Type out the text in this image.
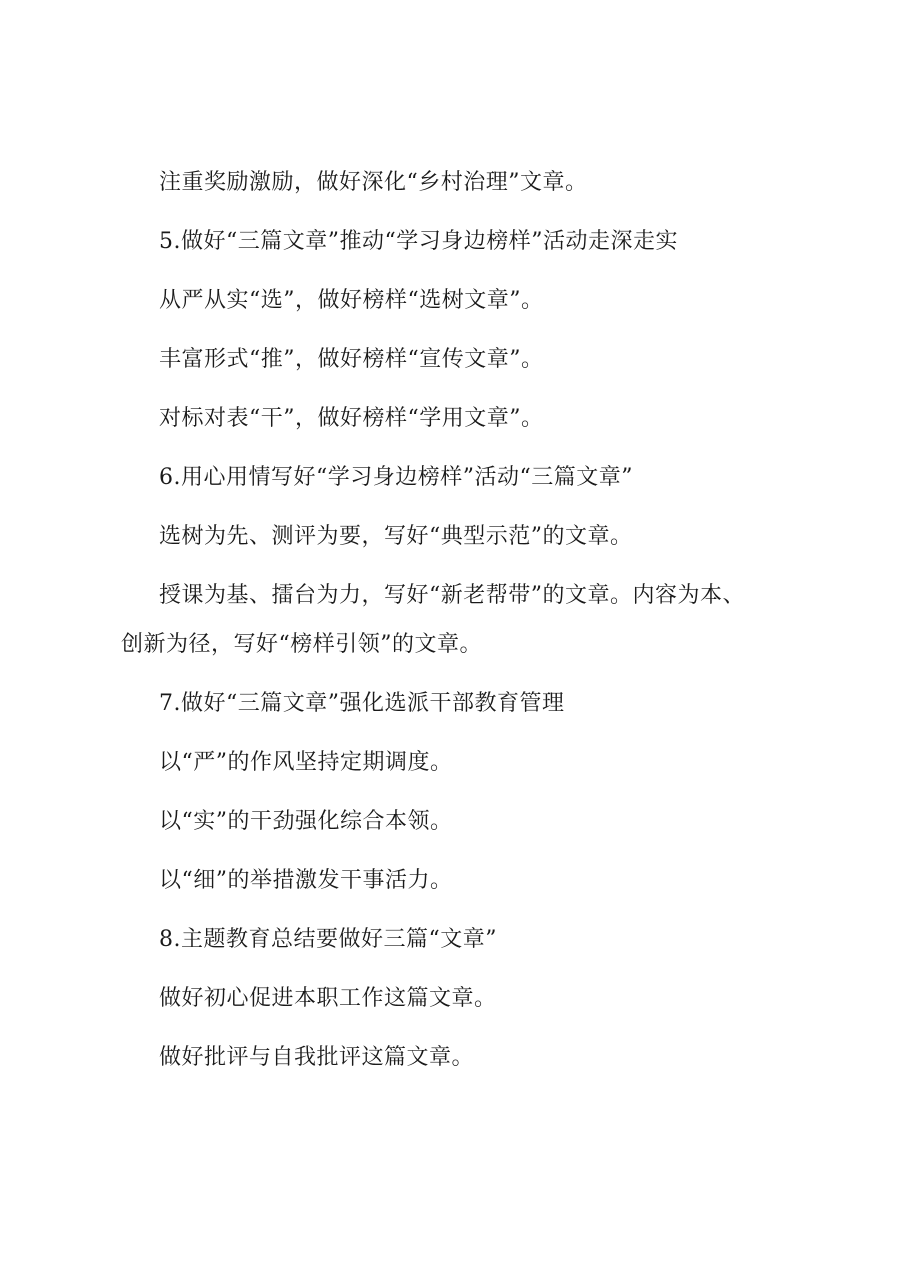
注重奖励激励，做好深化“乡村治理”文章。
5.做好“三篇文章”推动“学习身边榜样”活动走深走实
从严从实“选”，做好榜样“选树文章”。
丰富形式“推”，做好榜样“宣传文章”。
对标对表“干”，做好榜样“学用文章”。
6.用心用情写好“学习身边榜样”活动“三篇文章”
选树为先、测评为要，写好“典型示范”的文章。
授课为基、擂台为力，写好“新老帮带”的文章。内容为本、
创新为径，写好“榜样引领”的文章。
7.做好“三篇文章”强化选派干部教育管理
以“严”的作风坚持定期调度。
以“实”的干劲强化综合本领。
以“细”的举措激发干事活力。
8.主题教育总结要做好三篇“文章”
做好初心促进本职工作这篇文章。
做好批评与自我批评这篇文章。
